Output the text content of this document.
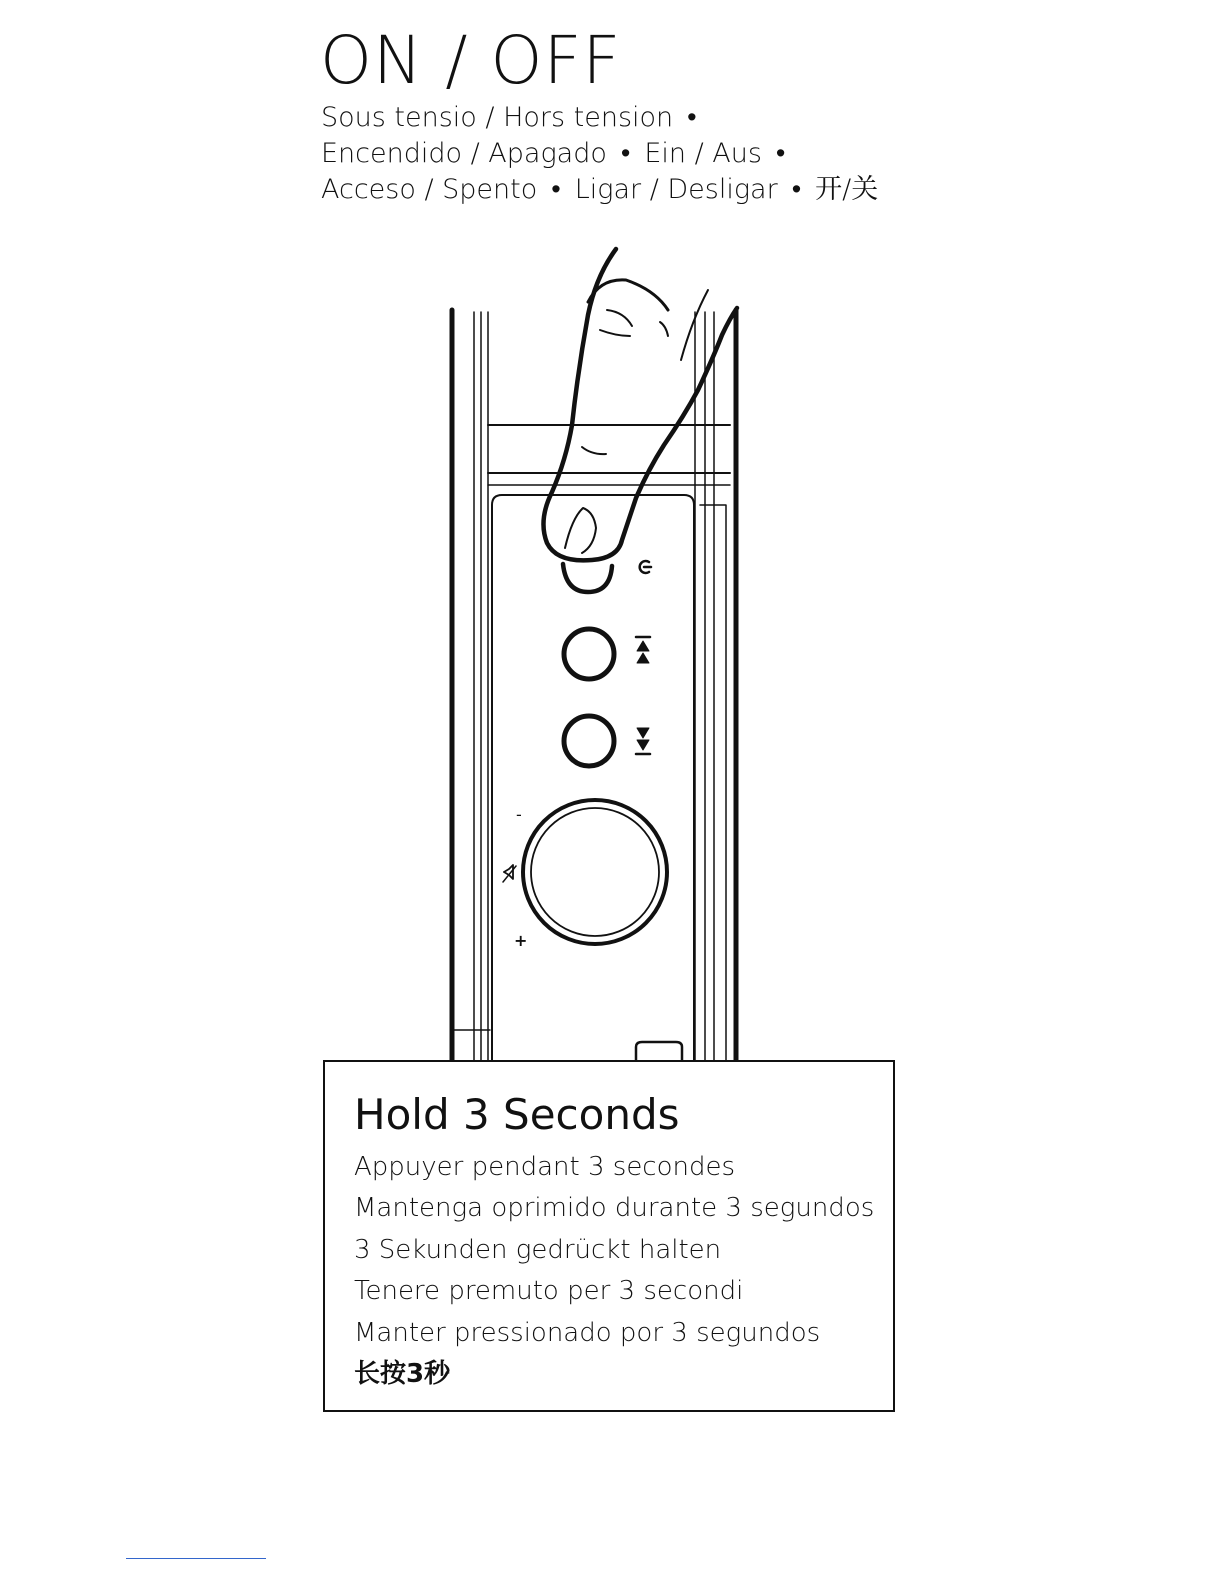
ON / OFF
Sous tensio / Hors tension •
Encendido / Apagado • Ein / Aus •
Acceso / Spento • Ligar / Desligar • 开/关
-
+
Hold 3 Seconds
Appuyer pendant 3 secondes
Mantenga oprimido durante 3 segundos
3 Sekunden gedrückt halten
Tenere premuto per 3 secondi
Manter pressionado por 3 segundos
长按3秒
